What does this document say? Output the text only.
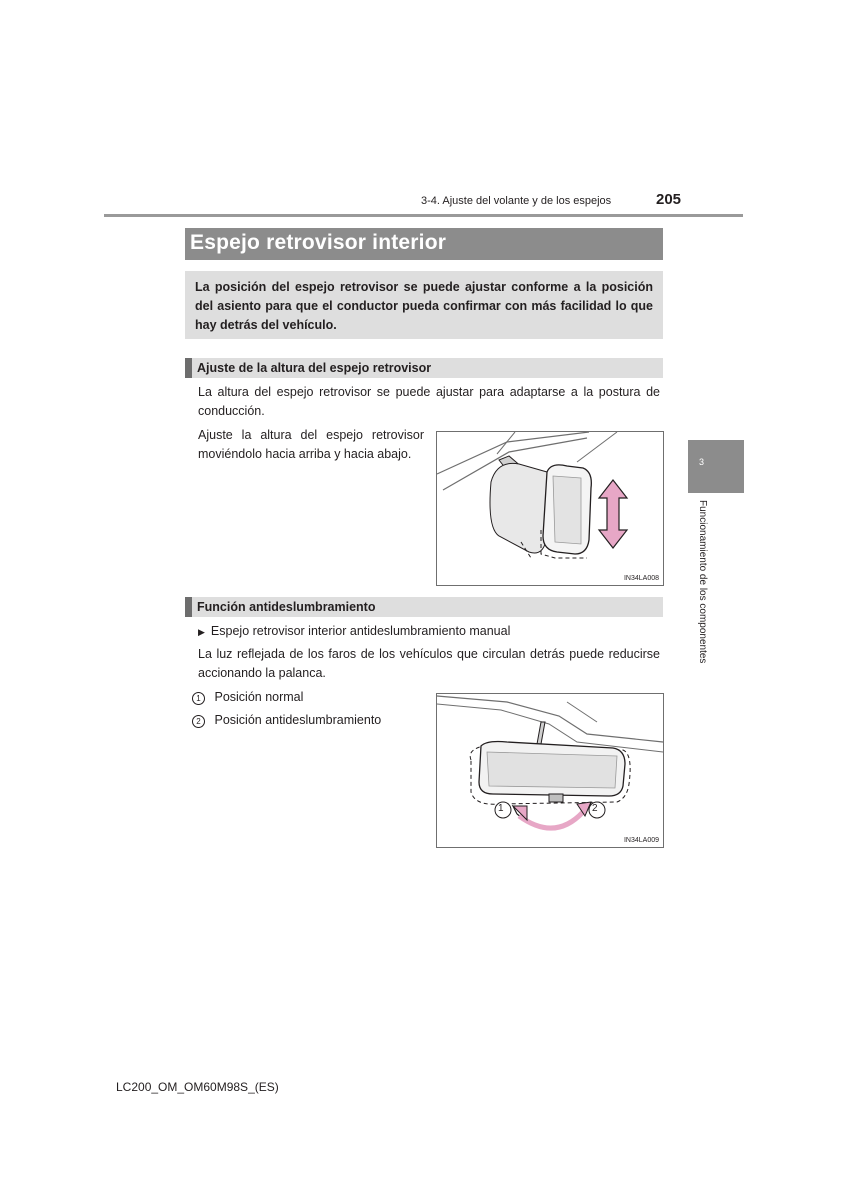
3-4. Ajuste del volante y de los espejos	205
Espejo retrovisor interior

La posición del espejo retrovisor se puede ajustar conforme a la posición del asiento para que el conductor pueda confirmar con más facilidad lo que hay detrás del vehículo.

Ajuste de la altura del espejo retrovisor
La altura del espejo retrovisor se puede ajustar para adaptarse a la postura de conducción.
Ajuste la altura del espejo retrovisor moviéndolo hacia arriba y hacia abajo.
IN34LA008
Función antideslumbramiento
▶ Espejo retrovisor interior antideslumbramiento manual
La luz reflejada de los faros de los vehículos que circulan detrás puede reducirse accionando la palanca.
1 Posición normal
2 Posición antideslumbramiento
1	2
IN34LA009
3
Funcionamiento de los componentes
LC200_OM_OM60M98S_(ES)
